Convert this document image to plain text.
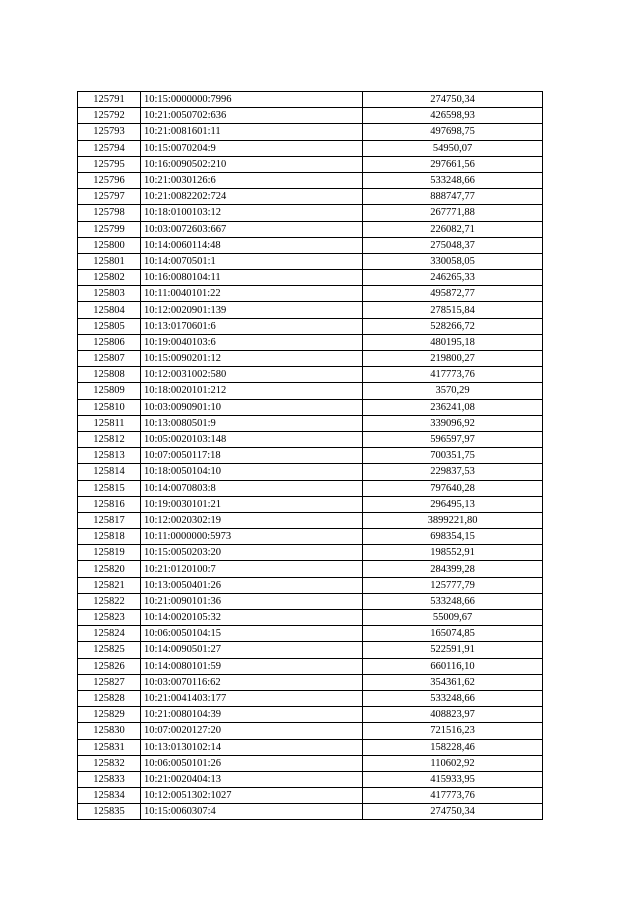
125791	10:15:0000000:7996	274750,34
125792	10:21:0050702:636	426598,93
125793	10:21:0081601:11	497698,75
125794	10:15:0070204:9	54950,07
125795	10:16:0090502:210	297661,56
125796	10:21:0030126:6	533248,66
125797	10:21:0082202:724	888747,77
125798	10:18:0100103:12	267771,88
125799	10:03:0072603:667	226082,71
125800	10:14:0060114:48	275048,37
125801	10:14:0070501:1	330058,05
125802	10:16:0080104:11	246265,33
125803	10:11:0040101:22	495872,77
125804	10:12:0020901:139	278515,84
125805	10:13:0170601:6	528266,72
125806	10:19:0040103:6	480195,18
125807	10:15:0090201:12	219800,27
125808	10:12:0031002:580	417773,76
125809	10:18:0020101:212	3570,29
125810	10:03:0090901:10	236241,08
125811	10:13:0080501:9	339096,92
125812	10:05:0020103:148	596597,97
125813	10:07:0050117:18	700351,75
125814	10:18:0050104:10	229837,53
125815	10:14:0070803:8	797640,28
125816	10:19:0030101:21	296495,13
125817	10:12:0020302:19	3899221,80
125818	10:11:0000000:5973	698354,15
125819	10:15:0050203:20	198552,91
125820	10:21:0120100:7	284399,28
125821	10:13:0050401:26	125777,79
125822	10:21:0090101:36	533248,66
125823	10:14:0020105:32	55009,67
125824	10:06:0050104:15	165074,85
125825	10:14:0090501:27	522591,91
125826	10:14:0080101:59	660116,10
125827	10:03:0070116:62	354361,62
125828	10:21:0041403:177	533248,66
125829	10:21:0080104:39	408823,97
125830	10:07:0020127:20	721516,23
125831	10:13:0130102:14	158228,46
125832	10:06:0050101:26	110602,92
125833	10:21:0020404:13	415933,95
125834	10:12:0051302:1027	417773,76
125835	10:15:0060307:4	274750,34
